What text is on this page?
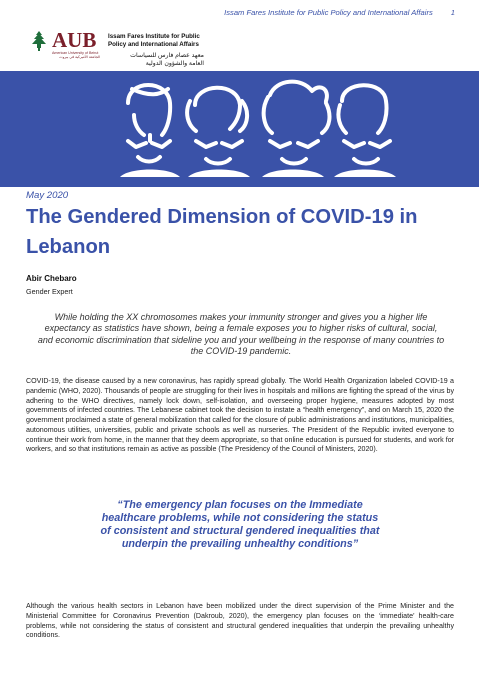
Issam Fares Institute for Public Policy and International Affairs 1
AUB
American University of Beirut
الجامعة الأميركية في بيروت
Issam Fares Institute for Public
Policy and International Affairs
معهد عصام فارس للسياسات
العامة والشؤون الدولية
May 2020
The Gendered Dimension of COVID-19 in Lebanon
Abir Chebaro
Gender Expert

While holding the XX chromosomes makes your immunity stronger and gives you a higher life expectancy as statistics have shown, being a female exposes you to higher risks of cultural, social, and economic discrimination that sideline you and your wellbeing in the response of many countries to the COVID-19 pandemic.

COVID-19, the disease caused by a new coronavirus, has rapidly spread globally. The World Health Organization labeled COVID-19 a pandemic (WHO, 2020). Thousands of people are struggling for their lives in hospitals and millions are fighting the spread of the virus by adhering to the WHO directives, namely lock down, self-isolation, and overseeing proper hygiene, measures adopted by most governments of infected countries. The Lebanese cabinet took the decision to instate a “health emergency”, and on March 15, 2020 the government proclaimed a state of general mobilization that called for the closure of public administrations and institutions, municipalities, autonomous utilities, universities, public and private schools as well as nurseries. The President of the Republic invited everyone to continue their work from home, in the manner that they deem appropriate, so that online education is pursued for students, and work for workers, and so that institutions remain as active as possible (The Presidency of the Council of Ministers, 2020).

“The emergency plan focuses on the Immediate healthcare problems, while not considering the status of consistent and structural gendered inequalities that underpin the prevailing unhealthy conditions”

Although the various health sectors in Lebanon have been mobilized under the direct supervision of the Prime Minister and the Ministerial Committee for Coronavirus Prevention (Dakroub, 2020), the emergency plan focuses on the ‘immediate’ health-care problems, while not considering the status of consistent and structural gendered inequalities that underpin the prevailing unhealthy conditions.
